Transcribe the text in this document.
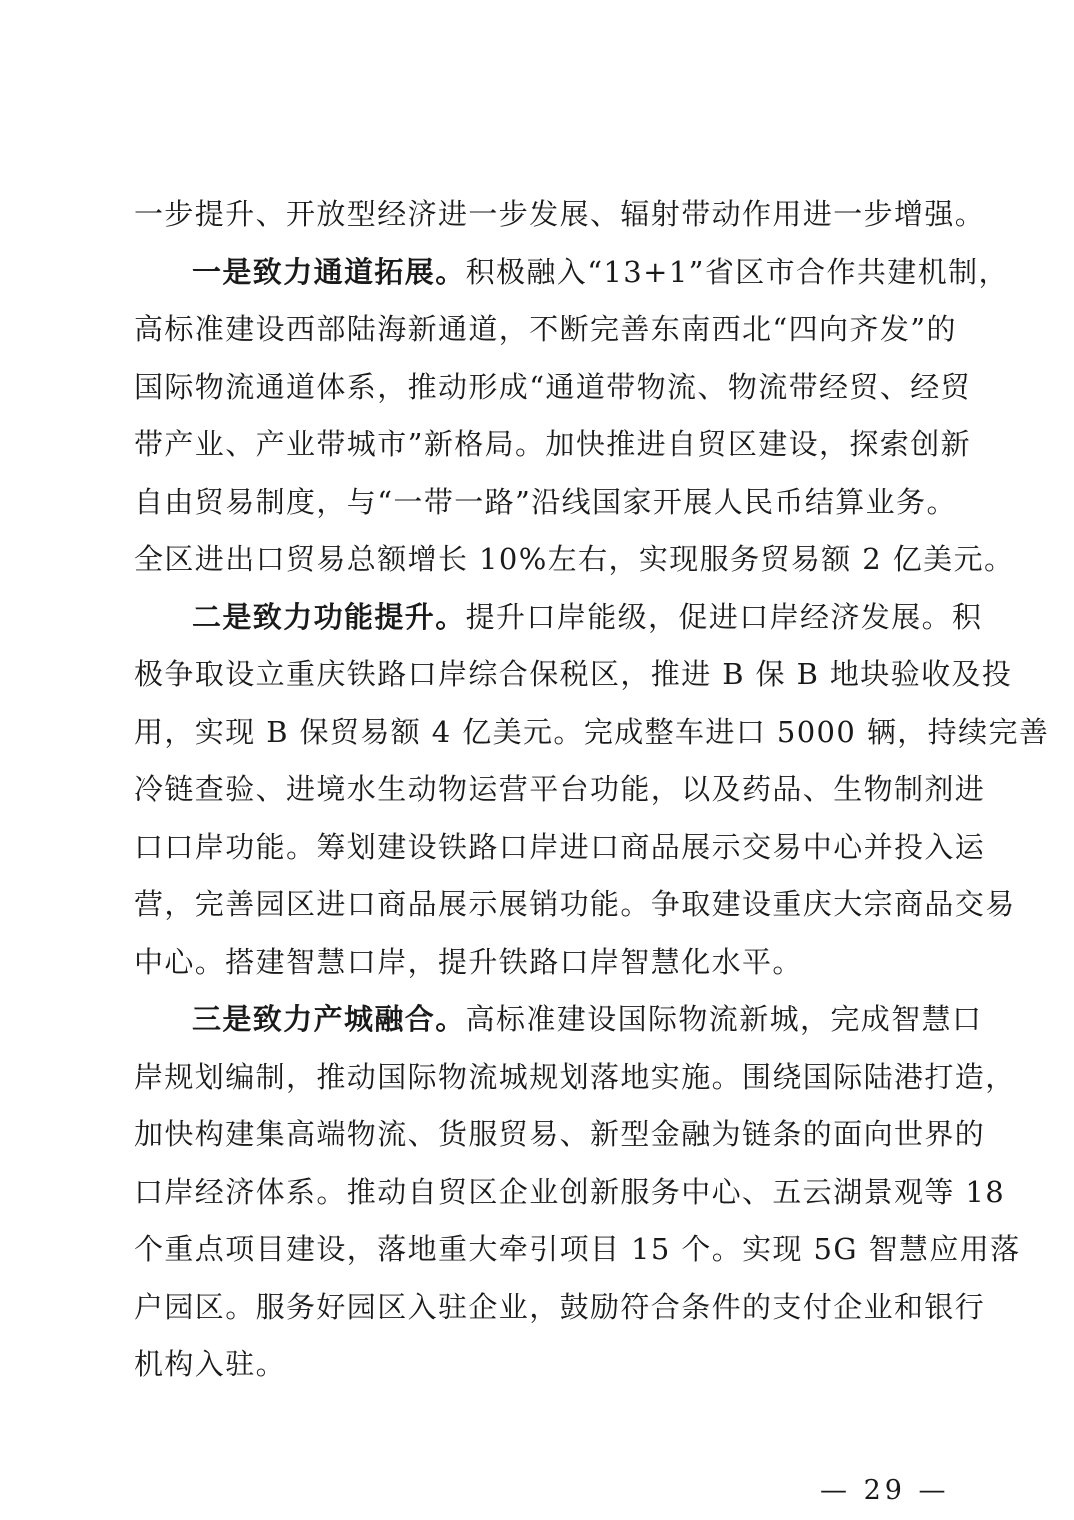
一步提升、开放型经济进一步发展、辐射带动作用进一步增强。
一是致力通道拓展。积极融入“13+1”省区市合作共建机制，
高标准建设西部陆海新通道，不断完善东南西北“四向齐发”的
国际物流通道体系，推动形成“通道带物流、物流带经贸、经贸
带产业、产业带城市”新格局。加快推进自贸区建设，探索创新
自由贸易制度，与“一带一路”沿线国家开展人民币结算业务。
全区进出口贸易总额增长 10%左右，实现服务贸易额 2 亿美元。
二是致力功能提升。提升口岸能级，促进口岸经济发展。积
极争取设立重庆铁路口岸综合保税区，推进 B 保 B 地块验收及投
用，实现 B 保贸易额 4 亿美元。完成整车进口 5000 辆，持续完善
冷链查验、进境水生动物运营平台功能，以及药品、生物制剂进
口口岸功能。筹划建设铁路口岸进口商品展示交易中心并投入运
营，完善园区进口商品展示展销功能。争取建设重庆大宗商品交易
中心。搭建智慧口岸，提升铁路口岸智慧化水平。
三是致力产城融合。高标准建设国际物流新城，完成智慧口
岸规划编制，推动国际物流城规划落地实施。围绕国际陆港打造，
加快构建集高端物流、货服贸易、新型金融为链条的面向世界的
口岸经济体系。推动自贸区企业创新服务中心、五云湖景观等 18
个重点项目建设，落地重大牵引项目 15 个。实现 5G 智慧应用落
户园区。服务好园区入驻企业，鼓励符合条件的支付企业和银行
机构入驻。
— 29 —
